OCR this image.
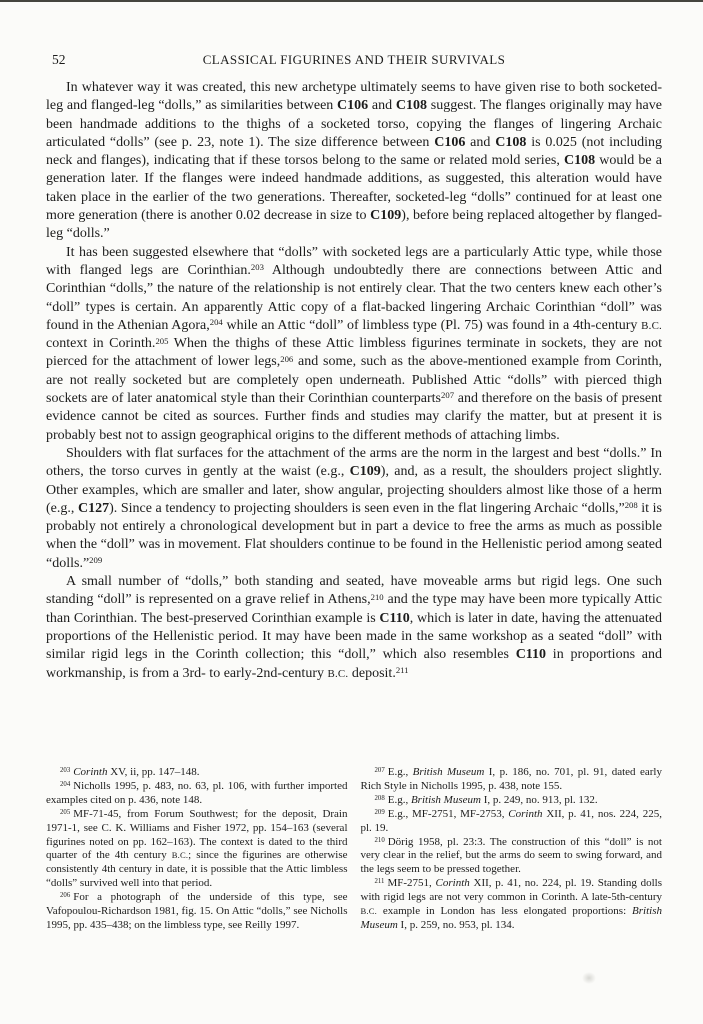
52	CLASSICAL FIGURINES AND THEIR SURVIVALS

In whatever way it was created, this new archetype ultimately seems to have given rise to both socketed-leg and flanged-leg “dolls,” as similarities between C106 and C108 suggest. The flanges originally may have been handmade additions to the thighs of a socketed torso, copying the flanges of lingering Archaic articulated “dolls” (see p. 23, note 1). The size difference between C106 and C108 is 0.025 (not including neck and flanges), indicating that if these torsos belong to the same or related mold series, C108 would be a generation later. If the flanges were indeed handmade additions, as suggested, this alteration would have taken place in the earlier of the two generations. Thereafter, socketed-leg “dolls” continued for at least one more generation (there is another 0.02 decrease in size to C109), before being replaced altogether by flanged-leg “dolls.”

It has been suggested elsewhere that “dolls” with socketed legs are a particularly Attic type, while those with flanged legs are Corinthian.$^{203}$ Although undoubtedly there are connections between Attic and Corinthian “dolls,” the nature of the relationship is not entirely clear. That the two centers knew each other’s “doll” types is certain. An apparently Attic copy of a flat-backed lingering Archaic Corinthian “doll” was found in the Athenian Agora,$^{204}$ while an Attic “doll” of limbless type (Pl. 75) was found in a 4th-century B.C. context in Corinth.$^{205}$ When the thighs of these Attic limbless figurines terminate in sockets, they are not pierced for the attachment of lower legs,$^{206}$ and some, such as the above-mentioned example from Corinth, are not really socketed but are completely open underneath. Published Attic “dolls” with pierced thigh sockets are of later anatomical style than their Corinthian counterparts$^{207}$ and therefore on the basis of present evidence cannot be cited as sources. Further finds and studies may clarify the matter, but at present it is probably best not to assign geographical origins to the different methods of attaching limbs.

Shoulders with flat surfaces for the attachment of the arms are the norm in the largest and best “dolls.” In others, the torso curves in gently at the waist (e.g., C109), and, as a result, the shoulders project slightly. Other examples, which are smaller and later, show angular, projecting shoulders almost like those of a herm (e.g., C127). Since a tendency to projecting shoulders is seen even in the flat lingering Archaic “dolls,”$^{208}$ it is probably not entirely a chronological development but in part a device to free the arms as much as possible when the “doll” was in movement. Flat shoulders continue to be found in the Hellenistic period among seated “dolls.”$^{209}$

A small number of “dolls,” both standing and seated, have moveable arms but rigid legs. One such standing “doll” is represented on a grave relief in Athens,$^{210}$ and the type may have been more typically Attic than Corinthian. The best-preserved Corinthian example is C110, which is later in date, having the attenuated proportions of the Hellenistic period. It may have been made in the same workshop as a seated “doll” with similar rigid legs in the Corinth collection; this “doll,” which also resembles C110 in proportions and workmanship, is from a 3rd- to early-2nd-century B.C. deposit.$^{211}$

$^{203}$ Corinth XV, ii, pp. 147–148.

$^{204}$ Nicholls 1995, p. 483, no. 63, pl. 106, with further imported examples cited on p. 436, note 148.

$^{205}$ MF-71-45, from Forum Southwest; for the deposit, Drain 1971-1, see C. K. Williams and Fisher 1972, pp. 154–163 (several figurines noted on pp. 162–163). The context is dated to the third quarter of the 4th century B.C.; since the figurines are otherwise consistently 4th century in date, it is possible that the Attic limbless “dolls” survived well into that period.

$^{206}$ For a photograph of the underside of this type, see Vafopoulou-Richardson 1981, fig. 15. On Attic “dolls,” see Nicholls 1995, pp. 435–438; on the limbless type, see Reilly 1997.

$^{207}$ E.g., British Museum I, p. 186, no. 701, pl. 91, dated early Rich Style in Nicholls 1995, p. 438, note 155.

$^{208}$ E.g., British Museum I, p. 249, no. 913, pl. 132.

$^{209}$ E.g., MF-2751, MF-2753, Corinth XII, p. 41, nos. 224, 225, pl. 19.

$^{210}$ Dörig 1958, pl. 23:3. The construction of this “doll” is not very clear in the relief, but the arms do seem to swing forward, and the legs seem to be pressed together.

$^{211}$ MF-2751, Corinth XII, p. 41, no. 224, pl. 19. Standing dolls with rigid legs are not very common in Corinth. A late-5th-century B.C. example in London has less elongated proportions: British Museum I, p. 259, no. 953, pl. 134.
